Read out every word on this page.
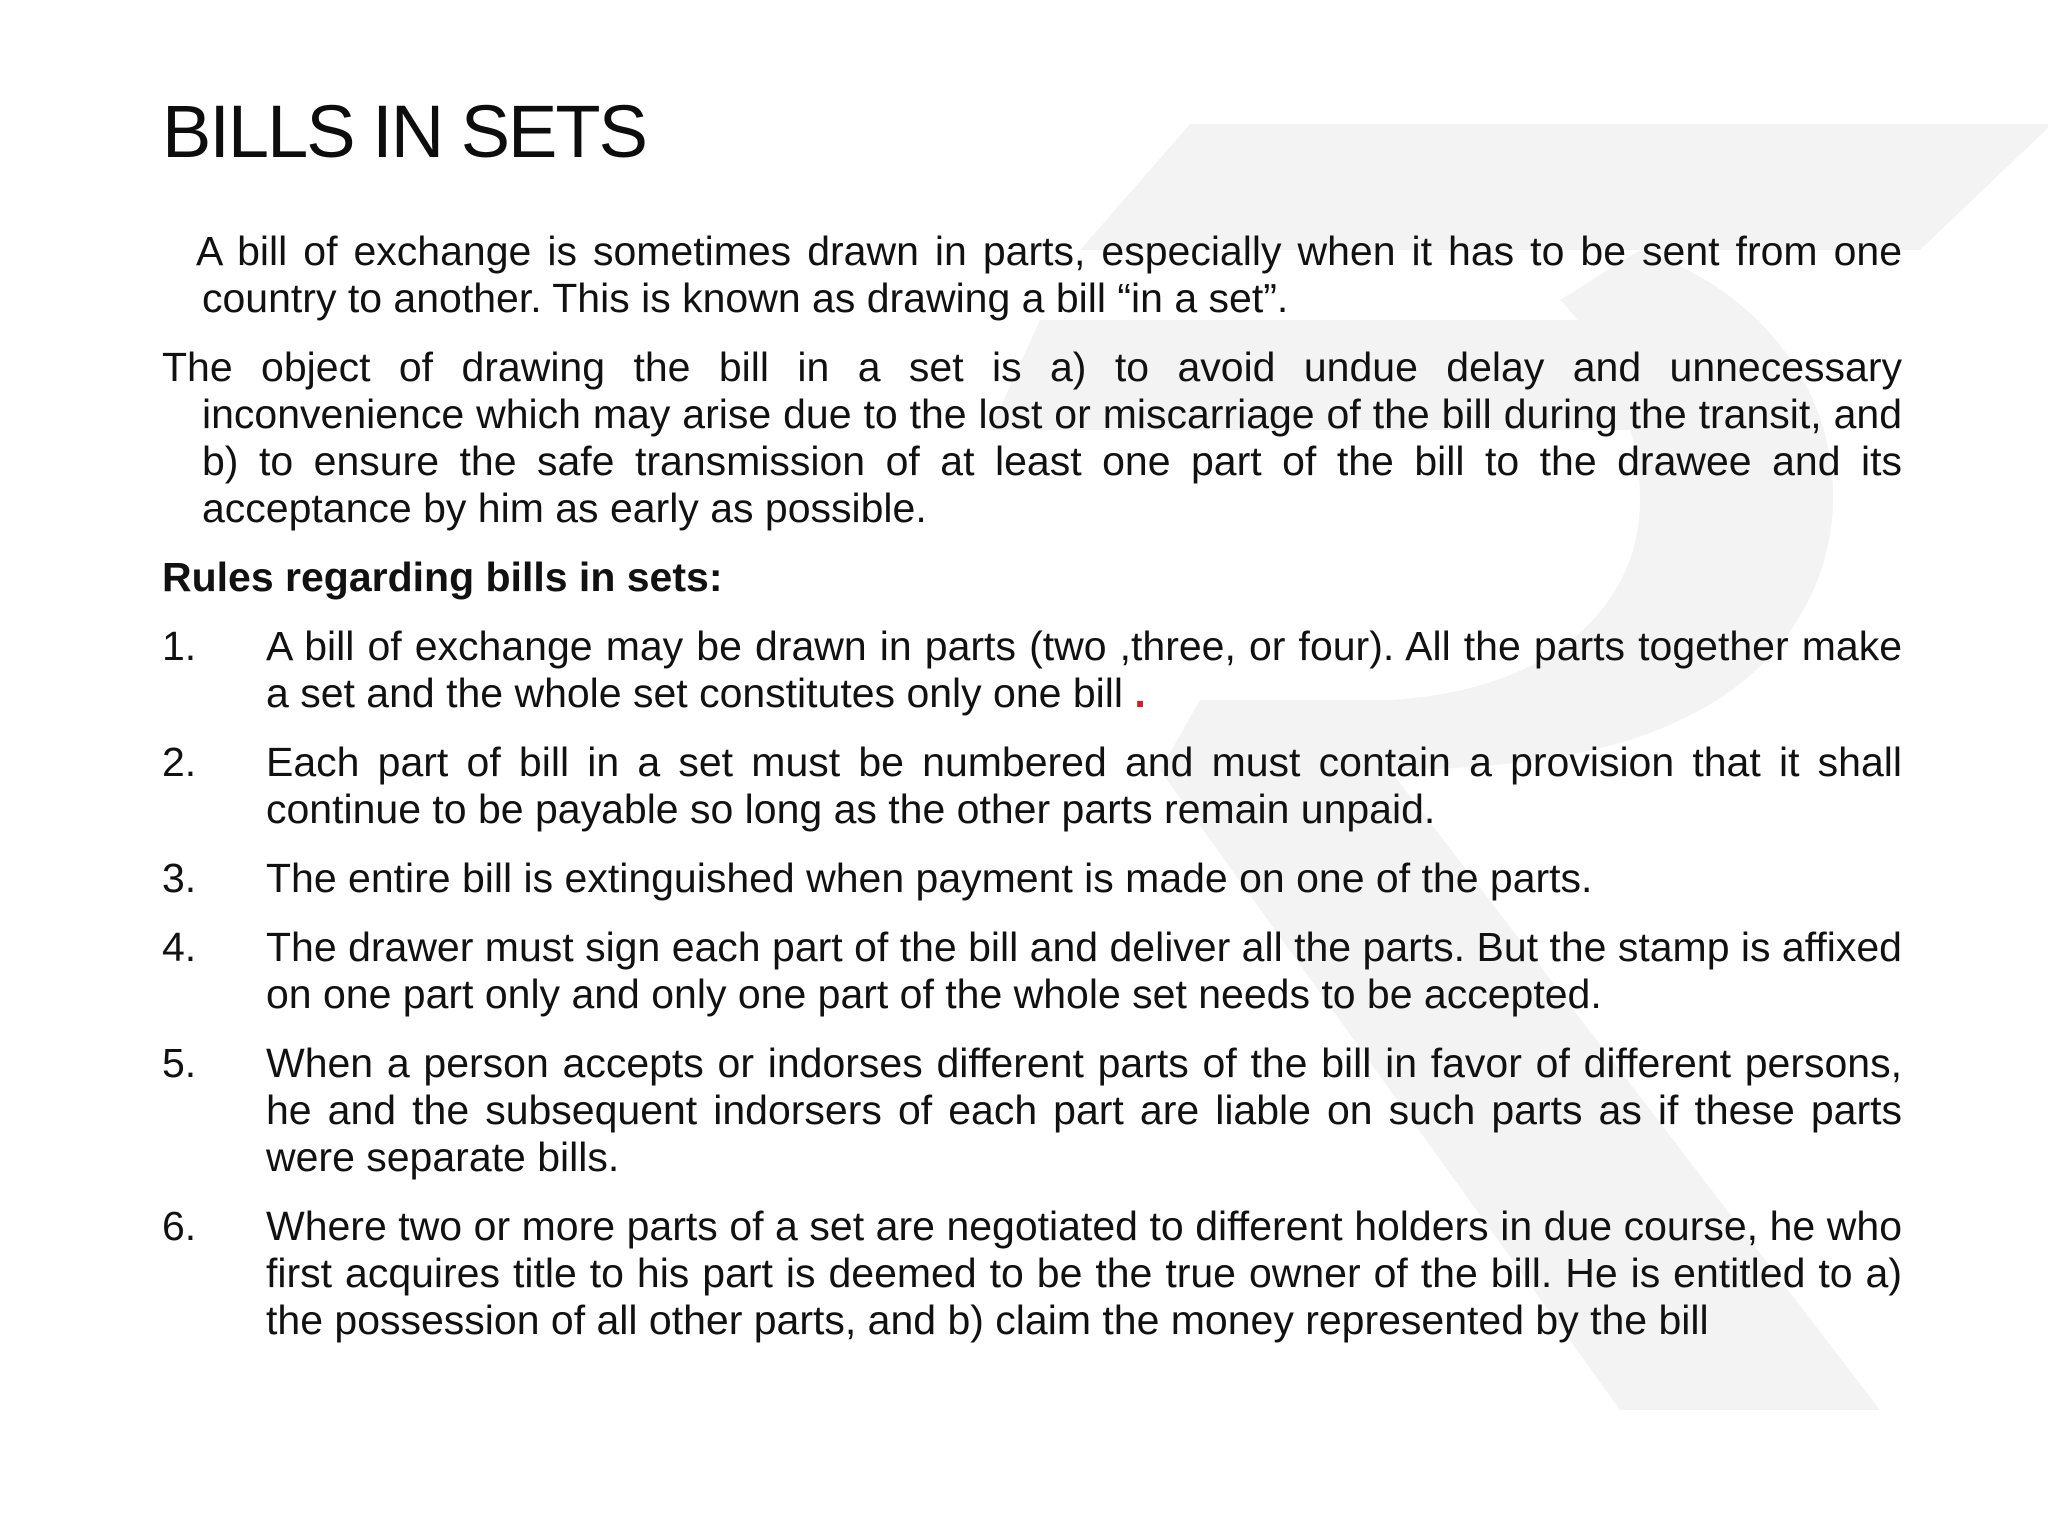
BILLS IN SETS

A bill of exchange is sometimes drawn in parts, especially when it has to be sent from one country to another. This is known as drawing a bill “in a set”.

The object of drawing the bill in a set is a) to avoid undue delay and unnecessary inconvenience which may arise due to the lost or miscarriage of the bill during the transit, and b) to ensure the safe transmission of at least one part of the bill to the drawee and its acceptance by him as early as possible.

Rules regarding bills in sets:

1. A bill of exchange may be drawn in parts (two ,three, or four). All the parts together make a set and the whole set constitutes only one bill .
2. Each part of bill in a set must be numbered and must contain a provision that it shall continue to be payable so long as the other parts remain unpaid.
3. The entire bill is extinguished when payment is made on one of the parts.
4. The drawer must sign each part of the bill and deliver all the parts. But the stamp is affixed on one part only and only one part of the whole set needs to be accepted.
5. When a person accepts or indorses different parts of the bill in favor of different persons, he and the subsequent indorsers of each part are liable on such parts as if these parts were separate bills.
6. Where two or more parts of a set are negotiated to different holders in due course, he who first acquires title to his part is deemed to be the true owner of the bill. He is entitled to a) the possession of all other parts, and b) claim the money represented by the bill
